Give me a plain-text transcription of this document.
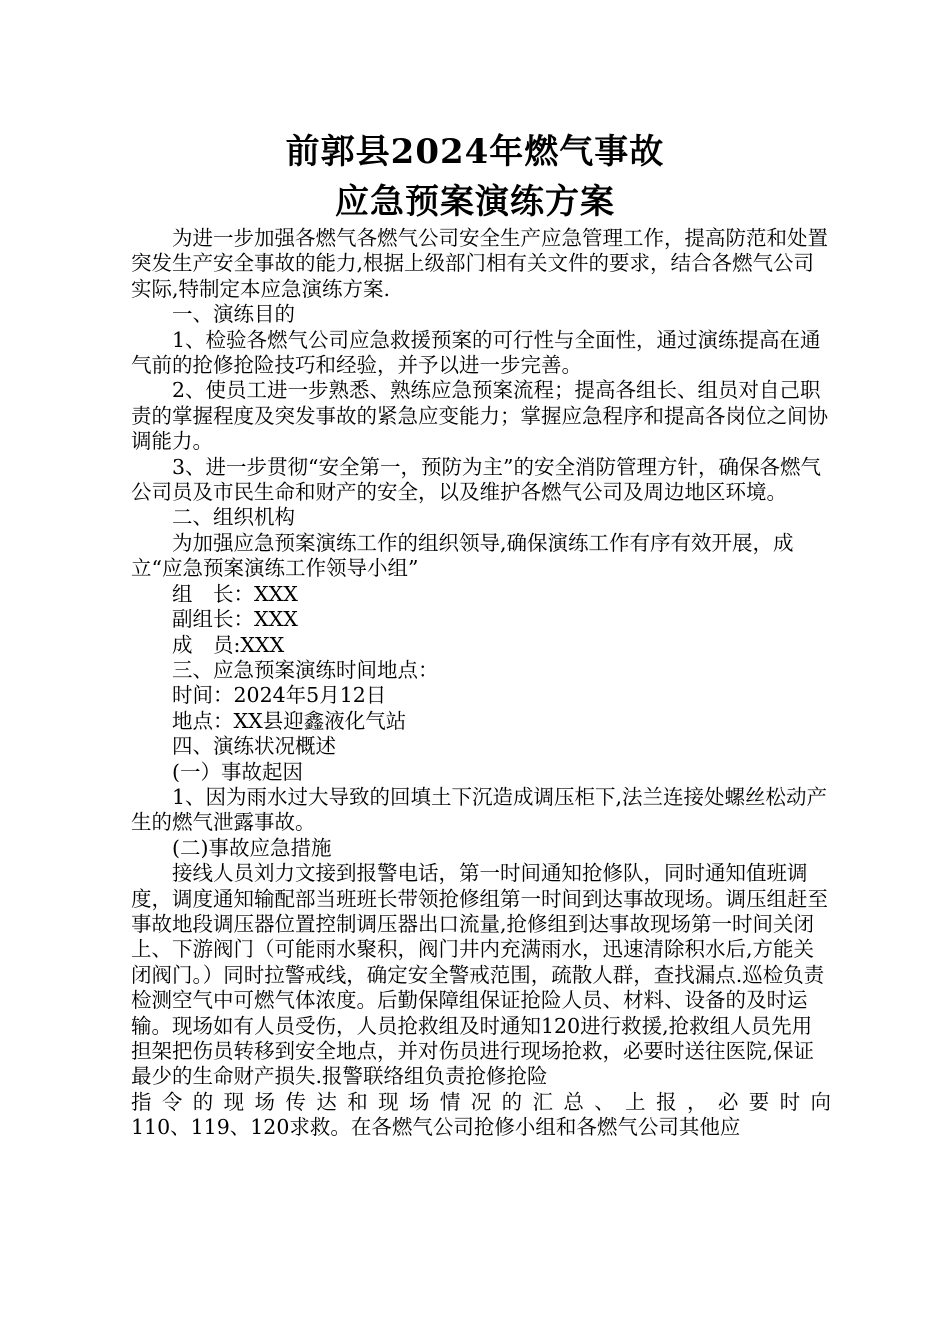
前郭县2024年燃气事故
应急预案演练方案

为进一步加强各燃气各燃气公司安全生产应急管理工作，提高防范和处置突发生产安全事故的能力,根据上级部门相有关文件的要求，结合各燃气公司实际,特制定本应急演练方案.

一、演练目的

1、检验各燃气公司应急救援预案的可行性与全面性，通过演练提高在通气前的抢修抢险技巧和经验，并予以进一步完善。

2、使员工进一步熟悉、熟练应急预案流程；提高各组长、组员对自己职责的掌握程度及突发事故的紧急应变能力；掌握应急程序和提高各岗位之间协调能力。

3、进一步贯彻“安全第一，预防为主”的安全消防管理方针，确保各燃气公司员及市民生命和财产的安全，以及维护各燃气公司及周边地区环境。

二、组织机构

为加强应急预案演练工作的组织领导,确保演练工作有序有效开展，成立“应急预案演练工作领导小组”

组　长：XXX

副组长：XXX

成　员:XXX

三、应急预案演练时间地点：

时间：2024年5月12日

地点：XX县迎鑫液化气站

四、演练状况概述

(一）事故起因

1、因为雨水过大导致的回填土下沉造成调压柜下,法兰连接处螺丝松动产生的燃气泄露事故。

(二)事故应急措施

接线人员刘力文接到报警电话，第一时间通知抢修队，同时通知值班调度，调度通知输配部当班班长带领抢修组第一时间到达事故现场。调压组赶至事故地段调压器位置控制调压器出口流量,抢修组到达事故现场第一时间关闭上、下游阀门（可能雨水聚积，阀门井内充满雨水，迅速清除积水后,方能关闭阀门。）同时拉警戒线，确定安全警戒范围，疏散人群，查找漏点.巡检负责检测空气中可燃气体浓度。后勤保障组保证抢险人员、材料、设备的及时运输。现场如有人员受伤，人员抢救组及时通知120进行救援,抢救组人员先用担架把伤员转移到安全地点，并对伤员进行现场抢救，必要时送往医院,保证最少的生命财产损失.报警联络组负责抢修抢险

指令的现场传达和现场情况的汇总、上报，必要时向

110、119、120求救。在各燃气公司抢修小组和各燃气公司其他应
